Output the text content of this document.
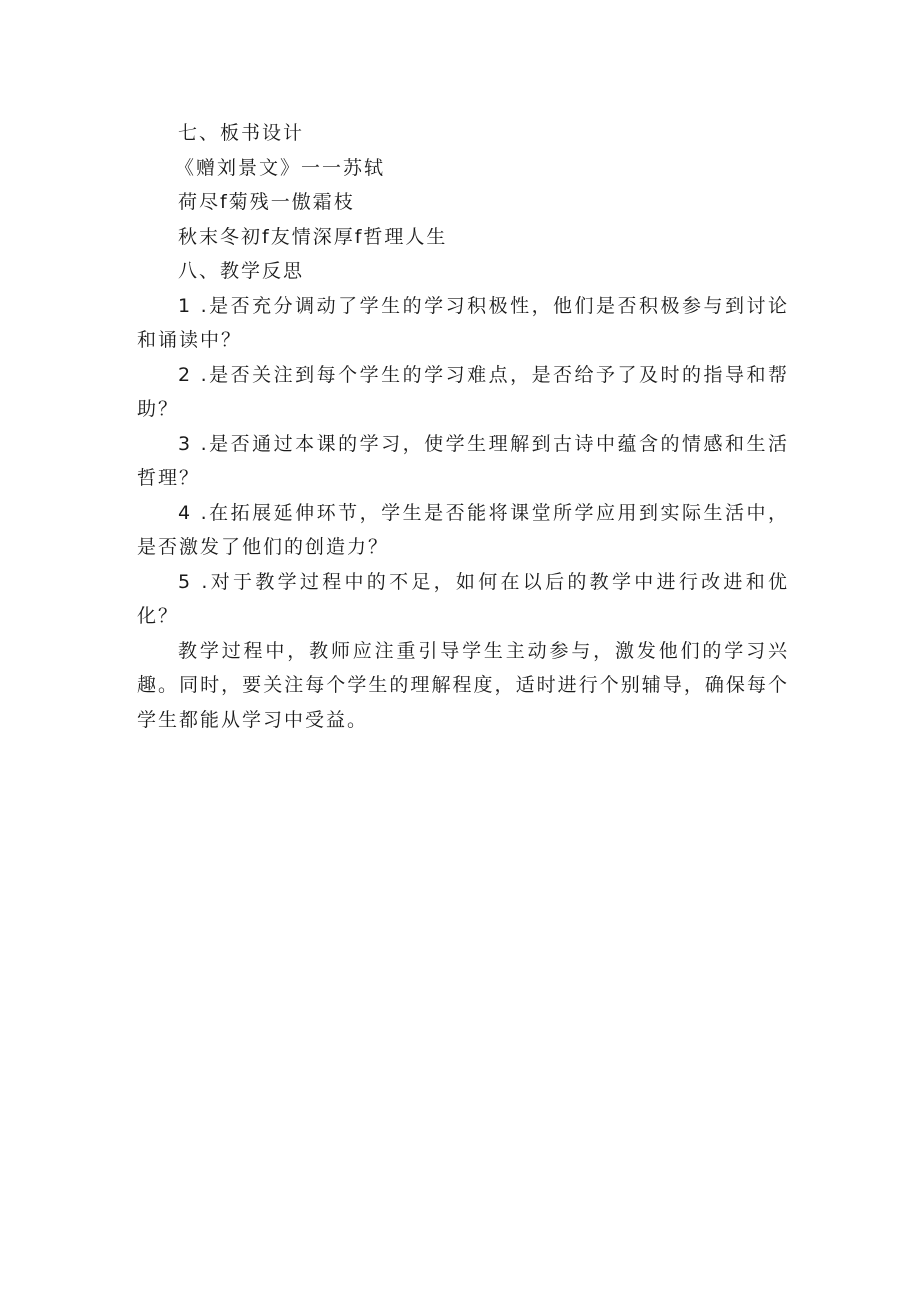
七、板书设计

《赠刘景文》一一苏轼

荷尽f菊残一傲霜枝

秋末冬初f友情深厚f哲理人生

八、教学反思

1 .是否充分调动了学生的学习积极性，他们是否积极参与到讨论和诵读中？

2 .是否关注到每个学生的学习难点，是否给予了及时的指导和帮助？

3 .是否通过本课的学习，使学生理解到古诗中蕴含的情感和生活哲理？

4 .在拓展延伸环节，学生是否能将课堂所学应用到实际生活中，是否激发了他们的创造力？

5 .对于教学过程中的不足，如何在以后的教学中进行改进和优化？

教学过程中，教师应注重引导学生主动参与，激发他们的学习兴趣。同时，要关注每个学生的理解程度，适时进行个别辅导，确保每个学生都能从学习中受益。
